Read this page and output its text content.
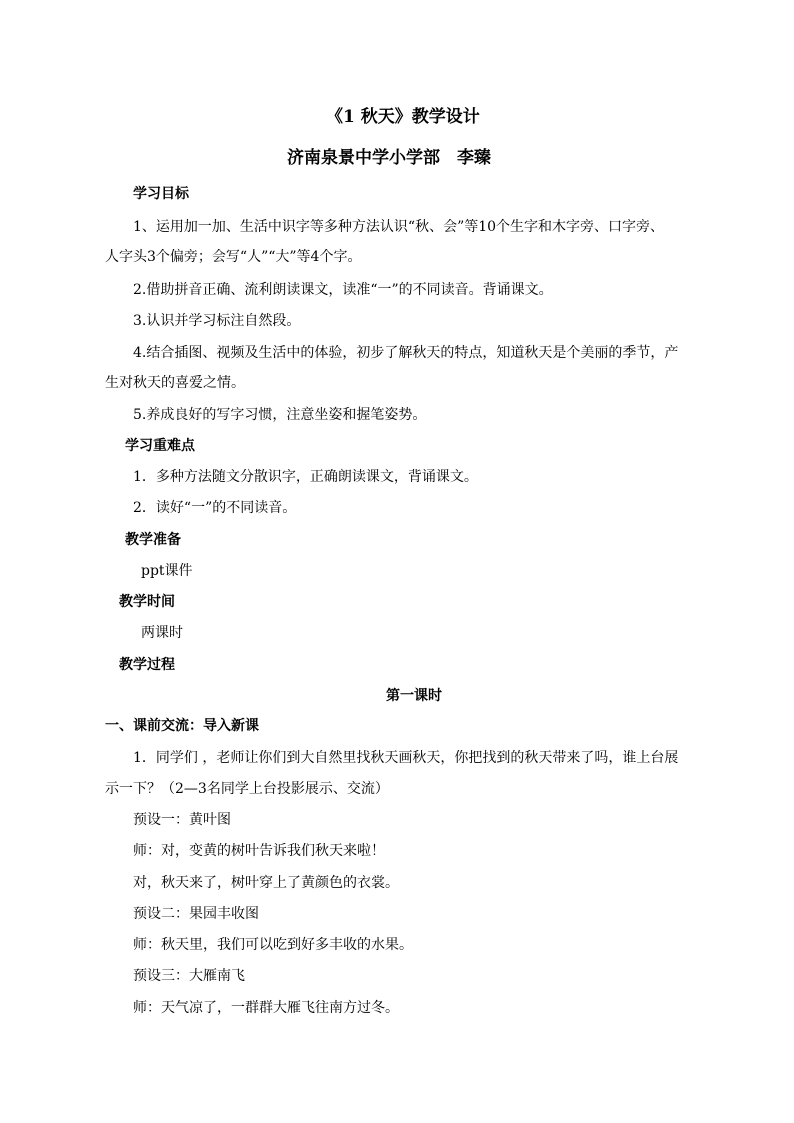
《1 秋天》教学设计
济南泉景中学小学部　李臻
学习目标
1、运用加一加、生活中识字等多种方法认识“秋、会”等10个生字和木字旁、口字旁、
人字头3个偏旁；会写“人”“大”等4个字。
2.借助拼音正确、流利朗读课文，读准“一”的不同读音。背诵课文。
3.认识并学习标注自然段。
4.结合插图、视频及生活中的体验，初步了解秋天的特点，知道秋天是个美丽的季节，产
生对秋天的喜爱之情。
5.养成良好的写字习惯，注意坐姿和握笔姿势。
学习重难点
1．多种方法随文分散识字，正确朗读课文，背诵课文。
2．读好“一”的不同读音。
教学准备
ppt课件
教学时间
两课时
教学过程
第一课时
一、课前交流：导入新课
1．同学们 ，老师让你们到大自然里找秋天画秋天，你把找到的秋天带来了吗，谁上台展
示一下？（2—3名同学上台投影展示、交流）
预设一：黄叶图
师：对，变黄的树叶告诉我们秋天来啦！
对，秋天来了，树叶穿上了黄颜色的衣裳。
预设二：果园丰收图
师：秋天里，我们可以吃到好多丰收的水果。
预设三：大雁南飞
师：天气凉了，一群群大雁飞往南方过冬。
